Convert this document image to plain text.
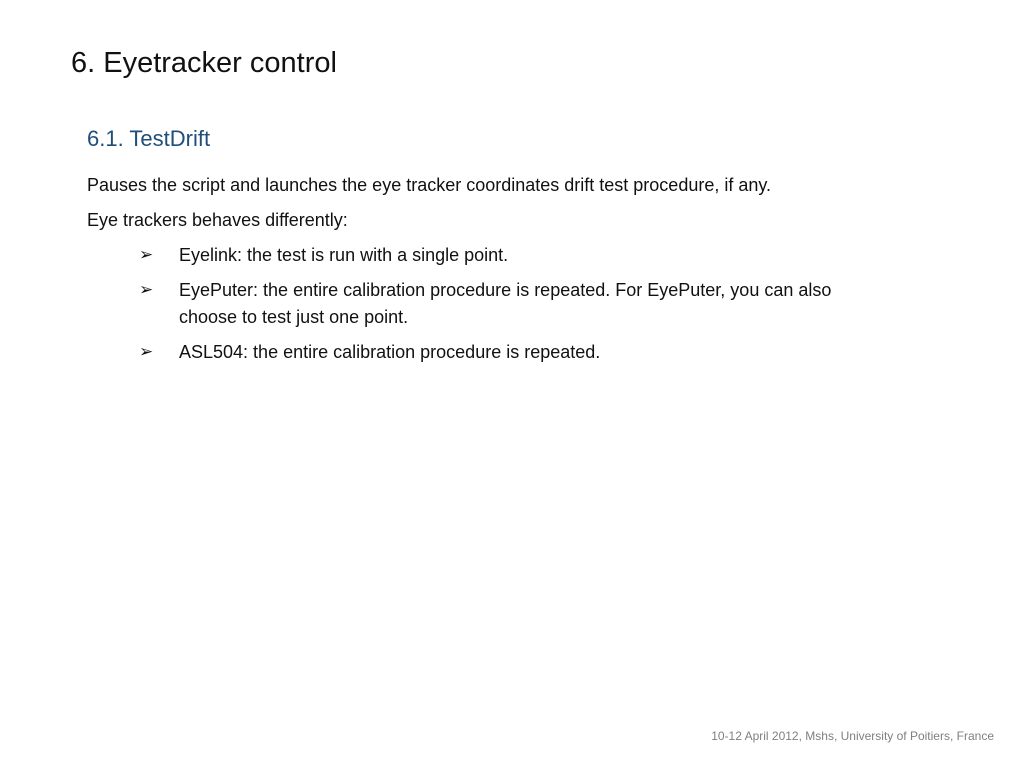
6. Eyetracker control
6.1. TestDrift

Pauses the script and launches the eye tracker coordinates drift test procedure, if any.

Eye trackers behaves differently:

➢ Eyelink: the test is run with a single point.
➢ EyePuter: the entire calibration procedure is repeated. For EyePuter, you can also choose to test just one point.
➢ ASL504: the entire calibration procedure is repeated.
10-12 April 2012, Mshs, University of Poitiers, France
